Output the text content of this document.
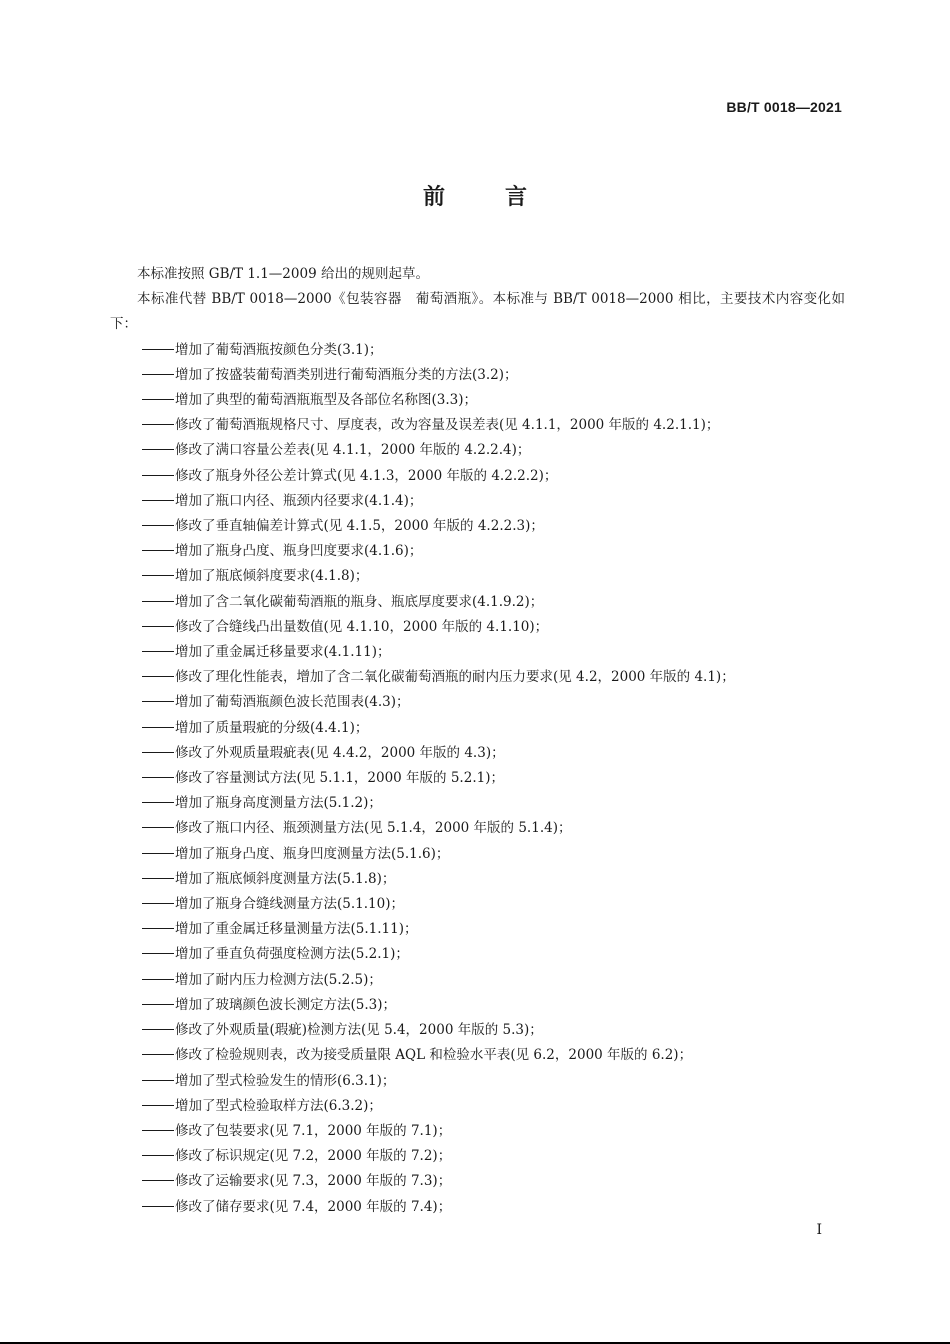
BB/T 0018—2021
前言

本标准按照 GB/T 1.1—2009 给出的规则起草。

本标准代替 BB/T 0018—2000《包装容器　葡萄酒瓶》。本标准与 BB/T 0018—2000 相比，主要技术内容变化如下：

增加了葡萄酒瓶按颜色分类(3.1)；
增加了按盛装葡萄酒类别进行葡萄酒瓶分类的方法(3.2)；
增加了典型的葡萄酒瓶瓶型及各部位名称图(3.3)；
修改了葡萄酒瓶规格尺寸、厚度表，改为容量及误差表(见 4.1.1，2000 年版的 4.2.1.1)；
修改了满口容量公差表(见 4.1.1，2000 年版的 4.2.2.4)；
修改了瓶身外径公差计算式(见 4.1.3，2000 年版的 4.2.2.2)；
增加了瓶口内径、瓶颈内径要求(4.1.4)；
修改了垂直轴偏差计算式(见 4.1.5，2000 年版的 4.2.2.3)；
增加了瓶身凸度、瓶身凹度要求(4.1.6)；
增加了瓶底倾斜度要求(4.1.8)；
增加了含二氧化碳葡萄酒瓶的瓶身、瓶底厚度要求(4.1.9.2)；
修改了合缝线凸出量数值(见 4.1.10，2000 年版的 4.1.10)；
增加了重金属迁移量要求(4.1.11)；
修改了理化性能表，增加了含二氧化碳葡萄酒瓶的耐内压力要求(见 4.2，2000 年版的 4.1)；
增加了葡萄酒瓶颜色波长范围表(4.3)；
增加了质量瑕疵的分级(4.4.1)；
修改了外观质量瑕疵表(见 4.4.2，2000 年版的 4.3)；
修改了容量测试方法(见 5.1.1，2000 年版的 5.2.1)；
增加了瓶身高度测量方法(5.1.2)；
修改了瓶口内径、瓶颈测量方法(见 5.1.4，2000 年版的 5.1.4)；
增加了瓶身凸度、瓶身凹度测量方法(5.1.6)；
增加了瓶底倾斜度测量方法(5.1.8)；
增加了瓶身合缝线测量方法(5.1.10)；
增加了重金属迁移量测量方法(5.1.11)；
增加了垂直负荷强度检测方法(5.2.1)；
增加了耐内压力检测方法(5.2.5)；
增加了玻璃颜色波长测定方法(5.3)；
修改了外观质量(瑕疵)检测方法(见 5.4，2000 年版的 5.3)；
修改了检验规则表，改为接受质量限 AQL 和检验水平表(见 6.2，2000 年版的 6.2)；
增加了型式检验发生的情形(6.3.1)；
增加了型式检验取样方法(6.3.2)；
修改了包装要求(见 7.1，2000 年版的 7.1)；
修改了标识规定(见 7.2，2000 年版的 7.2)；
修改了运输要求(见 7.3，2000 年版的 7.3)；
修改了储存要求(见 7.4，2000 年版的 7.4)；
I
